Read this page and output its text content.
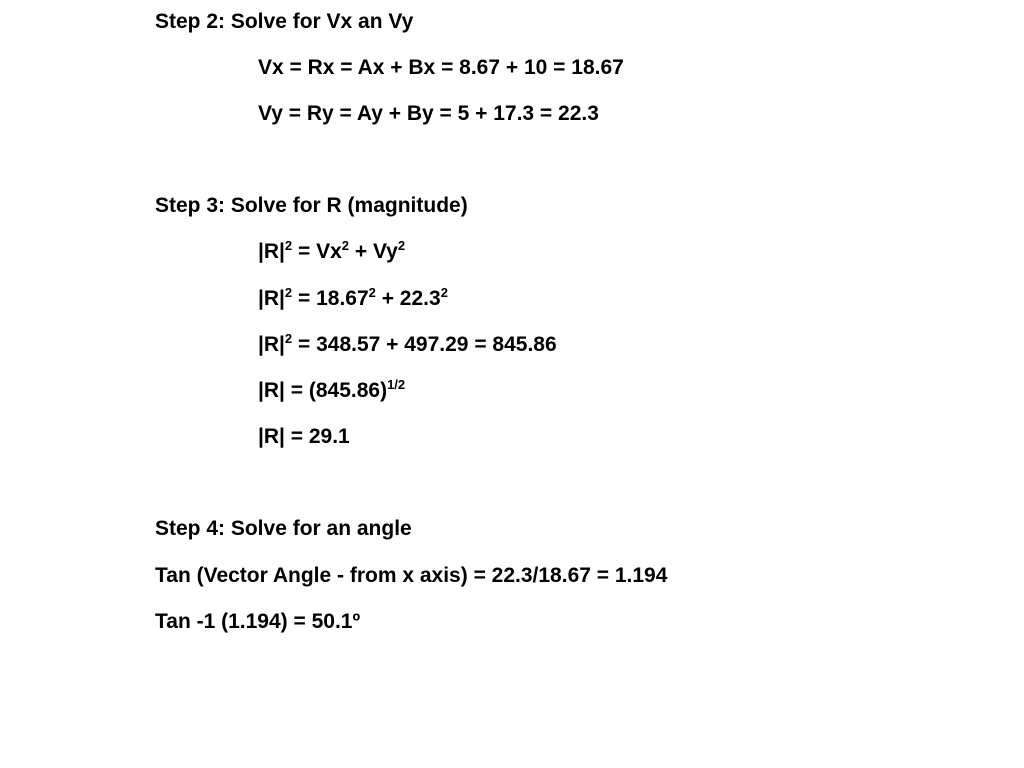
Step 2: Solve for Vx an Vy
Vx = Rx = Ax + Bx = 8.67 + 10 = 18.67
Vy = Ry = Ay + By = 5 + 17.3 = 22.3
Step 3: Solve for R (magnitude)
$|R|^2 = Vx^2 + Vy^2$
$|R|^2 = 18.67^2 + 22.3^2$
$|R|^2 = 348.57 + 497.29 = 845.86$
$|R| = (845.86)^{1/2}$
|R| = 29.1
Step 4: Solve for an angle
Tan (Vector Angle - from x axis) = 22.3/18.67 = 1.194
Tan -1 (1.194) = 50.1º
